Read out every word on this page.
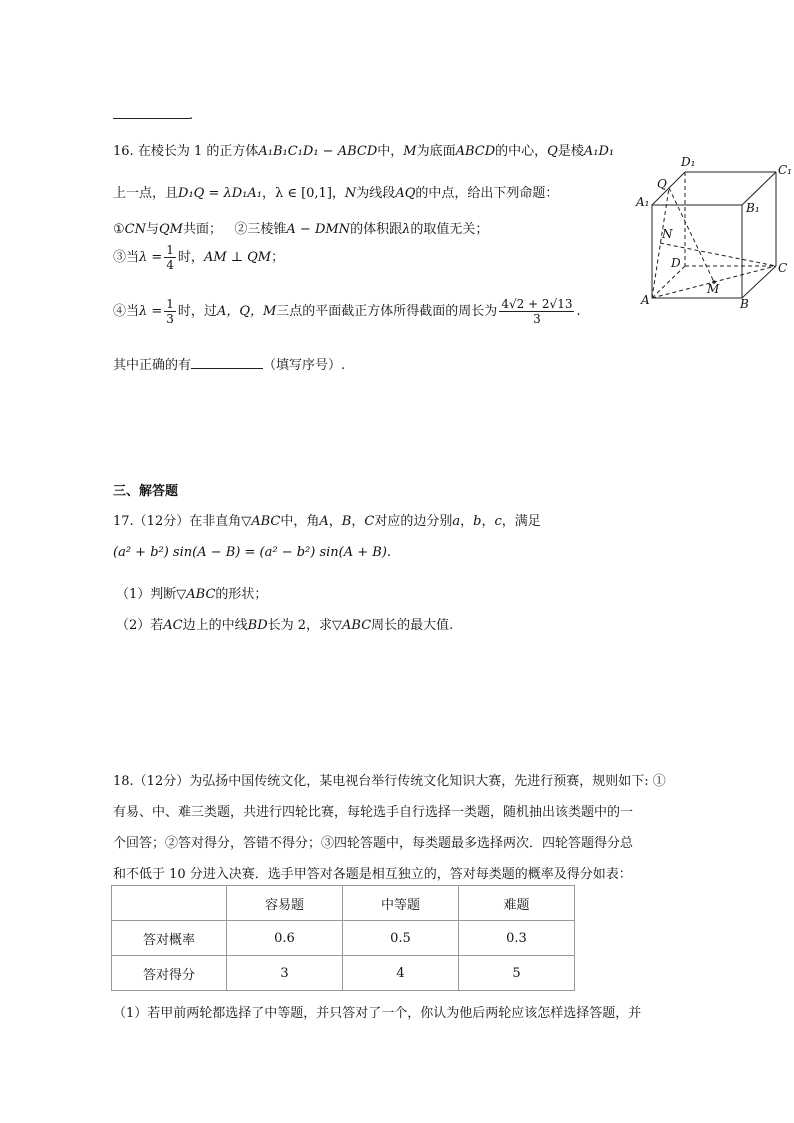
.
16. 在棱长为 1 的正方体A₁B₁C₁D₁ − ABCD中，M为底面ABCD的中心，Q是棱A₁D₁
上一点，且D₁Q = λD₁A₁，λ ∈ [0,1]，N为线段AQ的中点，给出下列命题：
①CN与QM共面； ②三棱锥A − DMN的体积跟λ的取值无关；
③当$\lambda = \frac{1}{4}$ 时，AM ⊥ QM；
④当$\lambda = \frac{1}{3}$ 时，过A，Q，M三点的平面截正方体所得截面的周长为 $\frac{4√2 + 2√13}{3}$ .
其中正确的有	（填写序号）.
D₁
C₁
A₁	B₁
Q
N
D	C
M
A	B
三、解答题
17.（12分）在非直角▽ABC中，角A，B，C对应的边分别a，b，c，满足
(a² + b²) sin(A − B) = (a² − b²) sin(A + B).
（1）判断▽ABC的形状；
（2）若AC边上的中线BD长为 2，求▽ABC周长的最大值.
18.（12分）为弘扬中国传统文化，某电视台举行传统文化知识大赛，先进行预赛，规则如下: ①
有易、中、难三类题，共进行四轮比赛，每轮选手自行选择一类题，随机抽出该类题中的一
个回答；②答对得分，答错不得分；③四轮答题中，每类题最多选择两次．四轮答题得分总
和不低于 10 分进入决赛．选手甲答对各题是相互独立的，答对每类题的概率及得分如表：
	容易题	中等题	难题
答对概率	0.6	0.5	0.3
答对得分	3	4	5
（1）若甲前两轮都选择了中等题，并只答对了一个，你认为他后两轮应该怎样选择答题，并
